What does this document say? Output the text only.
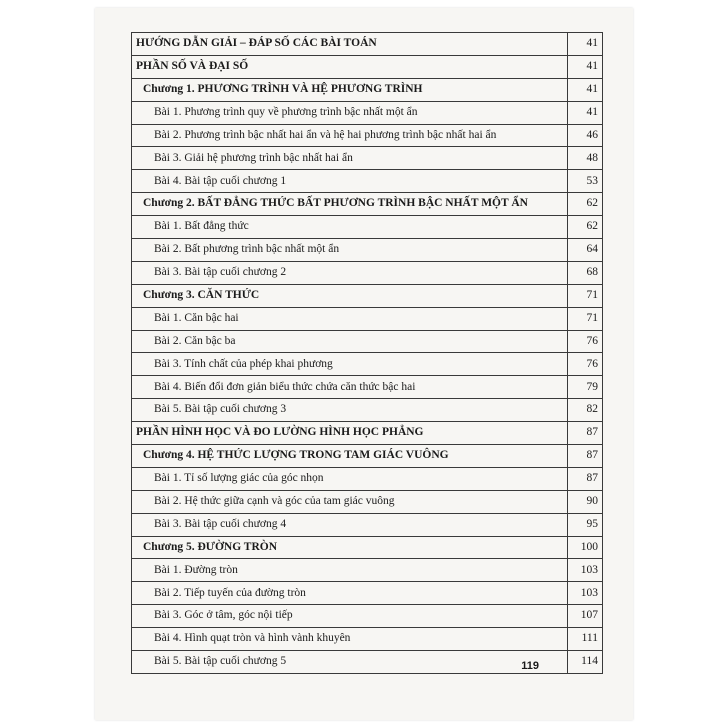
HƯỚNG DẪN GIẢI – ĐÁP SỐ CÁC BÀI TOÁN	41
PHẦN SỐ VÀ ĐẠI SỐ	41
Chương 1. PHƯƠNG TRÌNH VÀ HỆ PHƯƠNG TRÌNH	41
Bài 1. Phương trình quy về phương trình bậc nhất một ẩn	41
Bài 2. Phương trình bậc nhất hai ẩn và hệ hai phương trình bậc nhất hai ẩn	46
Bài 3. Giải hệ phương trình bậc nhất hai ẩn	48
Bài 4. Bài tập cuối chương 1	53
Chương 2. BẤT ĐẲNG THỨC BẤT PHƯƠNG TRÌNH BẬC NHẤT MỘT ẨN	62
Bài 1. Bất đẳng thức	62
Bài 2. Bất phương trình bậc nhất một ẩn	64
Bài 3. Bài tập cuối chương 2	68
Chương 3. CĂN THỨC	71
Bài 1. Căn bậc hai	71
Bài 2. Căn bậc ba	76
Bài 3. Tính chất của phép khai phương	76
Bài 4. Biến đổi đơn giản biểu thức chứa căn thức bậc hai	79
Bài 5. Bài tập cuối chương 3	82
PHẦN HÌNH HỌC VÀ ĐO LƯỜNG HÌNH HỌC PHẲNG	87
Chương 4. HỆ THỨC LƯỢNG TRONG TAM GIÁC VUÔNG	87
Bài 1. Tỉ số lượng giác của góc nhọn	87
Bài 2. Hệ thức giữa cạnh và góc của tam giác vuông	90
Bài 3. Bài tập cuối chương 4	95
Chương 5. ĐƯỜNG TRÒN	100
Bài 1. Đường tròn	103
Bài 2. Tiếp tuyến của đường tròn	103
Bài 3. Góc ở tâm, góc nội tiếp	107
Bài 4. Hình quạt tròn và hình vành khuyên	111
Bài 5. Bài tập cuối chương 5	114
119
